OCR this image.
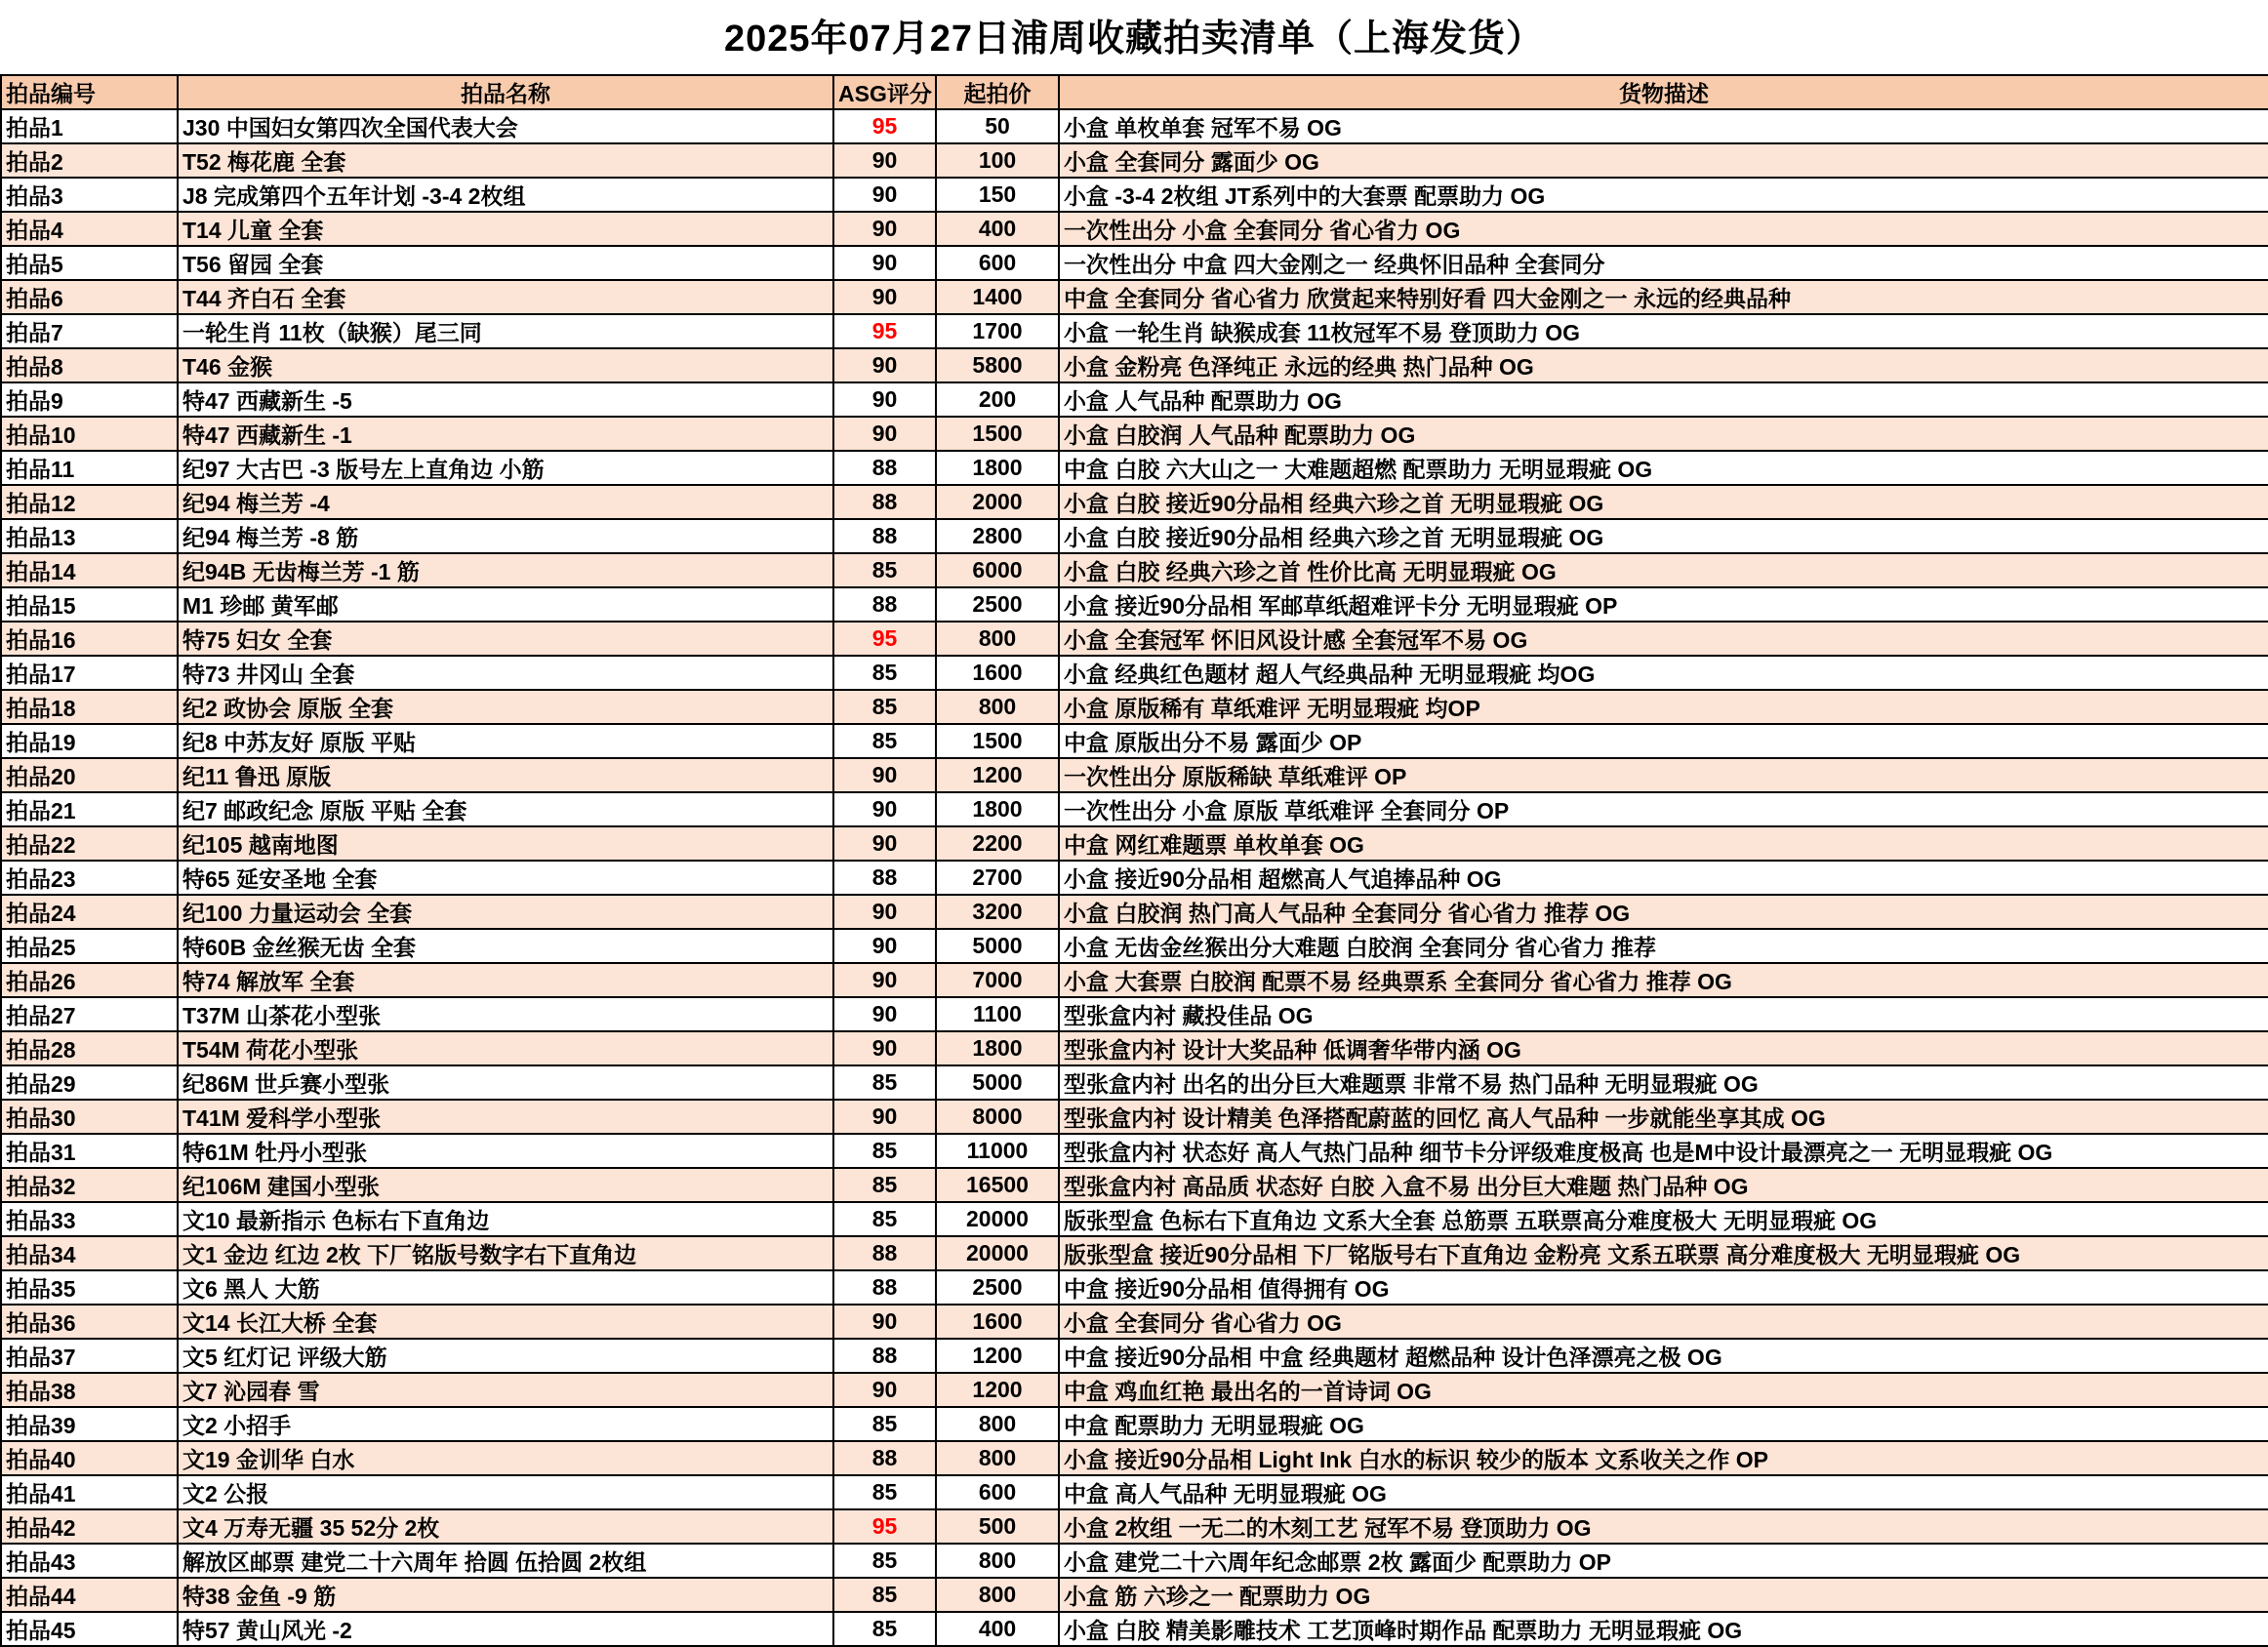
2025年07月27日浦周收藏拍卖清单（上海发货）
拍品编号	拍品名称	ASG评分	起拍价	货物描述
拍品1	J30 中国妇女第四次全国代表大会	95	50	小盒 单枚单套 冠军不易 OG
拍品2	T52 梅花鹿 全套	90	100	小盒 全套同分 露面少 OG
拍品3	J8 完成第四个五年计划 -3-4 2枚组	90	150	小盒 -3-4 2枚组 JT系列中的大套票 配票助力 OG
拍品4	T14 儿童 全套	90	400	一次性出分 小盒 全套同分 省心省力 OG
拍品5	T56 留园 全套	90	600	一次性出分 中盒 四大金刚之一 经典怀旧品种 全套同分
拍品6	T44 齐白石 全套	90	1400	中盒 全套同分 省心省力 欣赏起来特别好看 四大金刚之一 永远的经典品种
拍品7	一轮生肖 11枚（缺猴）尾三同	95	1700	小盒 一轮生肖 缺猴成套 11枚冠军不易 登顶助力 OG
拍品8	T46 金猴	90	5800	小盒 金粉亮 色泽纯正 永远的经典 热门品种 OG
拍品9	特47 西藏新生 -5	90	200	小盒 人气品种 配票助力 OG
拍品10	特47 西藏新生 -1	90	1500	小盒 白胶润 人气品种 配票助力 OG
拍品11	纪97 大古巴 -3 版号左上直角边 小筋	88	1800	中盒 白胶 六大山之一 大难题超燃 配票助力 无明显瑕疵 OG
拍品12	纪94 梅兰芳 -4	88	2000	小盒 白胶 接近90分品相 经典六珍之首 无明显瑕疵 OG
拍品13	纪94 梅兰芳 -8 筋	88	2800	小盒 白胶 接近90分品相 经典六珍之首 无明显瑕疵 OG
拍品14	纪94B 无齿梅兰芳 -1 筋	85	6000	小盒 白胶 经典六珍之首 性价比高 无明显瑕疵 OG
拍品15	M1 珍邮 黄军邮	88	2500	小盒 接近90分品相 军邮草纸超难评卡分 无明显瑕疵 OP
拍品16	特75 妇女 全套	95	800	小盒 全套冠军 怀旧风设计感 全套冠军不易 OG
拍品17	特73 井冈山 全套	85	1600	小盒 经典红色题材 超人气经典品种 无明显瑕疵 均OG
拍品18	纪2 政协会 原版 全套	85	800	小盒 原版稀有 草纸难评 无明显瑕疵 均OP
拍品19	纪8 中苏友好 原版 平贴	85	1500	中盒 原版出分不易 露面少 OP
拍品20	纪11 鲁迅 原版	90	1200	一次性出分 原版稀缺 草纸难评 OP
拍品21	纪7 邮政纪念 原版 平贴 全套	90	1800	一次性出分 小盒 原版 草纸难评 全套同分 OP
拍品22	纪105 越南地图	90	2200	中盒 网红难题票 单枚单套 OG
拍品23	特65 延安圣地 全套	88	2700	小盒 接近90分品相 超燃高人气追捧品种 OG
拍品24	纪100 力量运动会 全套	90	3200	小盒 白胶润 热门高人气品种 全套同分 省心省力 推荐 OG
拍品25	特60B 金丝猴无齿 全套	90	5000	小盒 无齿金丝猴出分大难题 白胶润 全套同分 省心省力 推荐
拍品26	特74 解放军 全套	90	7000	小盒 大套票 白胶润 配票不易 经典票系 全套同分 省心省力 推荐 OG
拍品27	T37M 山茶花小型张	90	1100	型张盒内衬 藏投佳品 OG
拍品28	T54M 荷花小型张	90	1800	型张盒内衬 设计大奖品种 低调奢华带内涵 OG
拍品29	纪86M 世乒赛小型张	85	5000	型张盒内衬 出名的出分巨大难题票 非常不易 热门品种 无明显瑕疵 OG
拍品30	T41M 爱科学小型张	90	8000	型张盒内衬 设计精美 色泽搭配蔚蓝的回忆 高人气品种 一步就能坐享其成 OG
拍品31	特61M 牡丹小型张	85	11000	型张盒内衬 状态好 高人气热门品种 细节卡分评级难度极高 也是M中设计最漂亮之一 无明显瑕疵 OG
拍品32	纪106M 建国小型张	85	16500	型张盒内衬 高品质 状态好 白胶 入盒不易 出分巨大难题 热门品种 OG
拍品33	文10 最新指示 色标右下直角边	85	20000	版张型盒 色标右下直角边 文系大全套 总筋票 五联票高分难度极大 无明显瑕疵 OG
拍品34	文1 金边 红边 2枚 下厂铭版号数字右下直角边	88	20000	版张型盒 接近90分品相 下厂铭版号右下直角边 金粉亮 文系五联票 高分难度极大 无明显瑕疵 OG
拍品35	文6 黑人 大筋	88	2500	中盒 接近90分品相 值得拥有 OG
拍品36	文14 长江大桥 全套	90	1600	小盒 全套同分 省心省力 OG
拍品37	文5 红灯记 评级大筋	88	1200	中盒 接近90分品相 中盒 经典题材 超燃品种 设计色泽漂亮之极 OG
拍品38	文7 沁园春 雪	90	1200	中盒 鸡血红艳 最出名的一首诗词 OG
拍品39	文2 小招手	85	800	中盒 配票助力 无明显瑕疵 OG
拍品40	文19 金训华 白水	88	800	小盒 接近90分品相 Light Ink 白水的标识 较少的版本 文系收关之作 OP
拍品41	文2 公报	85	600	中盒 高人气品种 无明显瑕疵 OG
拍品42	文4 万寿无疆 35 52分 2枚	95	500	小盒 2枚组 一无二的木刻工艺 冠军不易 登顶助力 OG
拍品43	解放区邮票 建党二十六周年 拾圆 伍拾圆 2枚组	85	800	小盒 建党二十六周年纪念邮票 2枚 露面少 配票助力 OP
拍品44	特38 金鱼 -9 筋	85	800	小盒 筋 六珍之一 配票助力 OG
拍品45	特57 黄山风光 -2	85	400	小盒 白胶 精美影雕技术 工艺顶峰时期作品 配票助力 无明显瑕疵 OG
